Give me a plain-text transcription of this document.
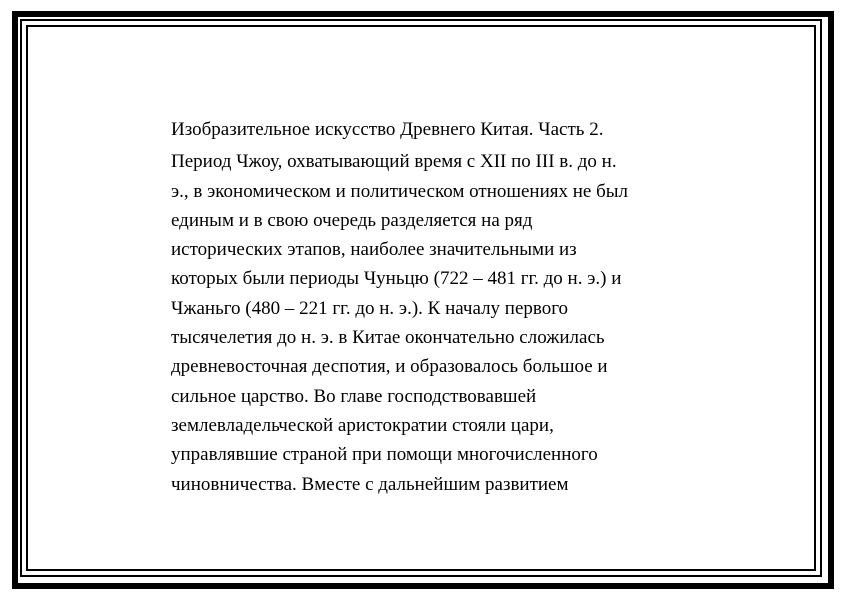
Изобразительное искусство Древнего Китая. Часть 2.
Период Чжоу, охватывающий время с XII по III в. до н.
э., в экономическом и политическом отношениях не был
единым и в свою очередь разделяется на ряд
исторических этапов, наиболее значительными из
которых были периоды Чуньцю (722 – 481 гг. до н. э.) и
Чжаньго (480 – 221 гг. до н. э.). К началу первого
тысячелетия до н. э. в Китае окончательно сложилась
древневосточная деспотия, и образовалось большое и
сильное царство. Во главе господствовавшей
землевладельческой аристократии стояли цари,
управлявшие страной при помощи многочисленного
чиновничества. Вместе с дальнейшим развитием
